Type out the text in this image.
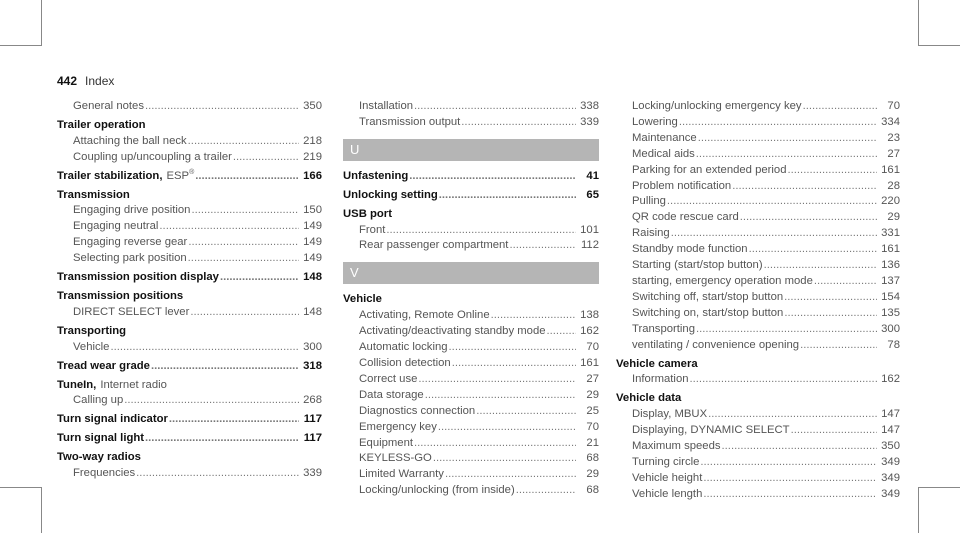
442 Index
General notes .....	350
Trailer operation
Attaching the ball neck .....	218
Coupling up/uncoupling a trailer .....	219
Trailer stabilization, ESP® .....	166
Transmission
Engaging drive position .....	150
Engaging neutral .....	149
Engaging reverse gear .....	149
Selecting park position .....	149
Transmission position display .....	148
Transmission positions
DIRECT SELECT lever .....	148
Transporting
Vehicle .....	300
Tread wear grade .....	318
TuneIn, Internet radio
Calling up .....	268
Turn signal indicator .....	117
Turn signal light .....	117
Two-way radios
Frequencies .....	339
Installation .....	338
Transmission output .....	339
U
Unfastening .....	41
Unlocking setting .....	65
USB port
Front .....	101
Rear passenger compartment .....	112
V
Vehicle
Activating, Remote Online .....	138
Activating/deactivating standby mode .....	162
Automatic locking .....	70
Collision detection .....	161
Correct use .....	27
Data storage .....	29
Diagnostics connection .....	25
Emergency key .....	70
Equipment .....	21
KEYLESS-GO .....	68
Limited Warranty .....	29
Locking/unlocking (from inside) .....	68
Locking/unlocking emergency key .....	70
Lowering .....	334
Maintenance .....	23
Medical aids .....	27
Parking for an extended period .....	161
Problem notification .....	28
Pulling .....	220
QR code rescue card .....	29
Raising .....	331
Standby mode function .....	161
Starting (start/stop button) .....	136
starting, emergency operation mode .....	137
Switching off, start/stop button .....	154
Switching on, start/stop button .....	135
Transporting .....	300
ventilating / convenience opening .....	78
Vehicle camera
Information .....	162
Vehicle data
Display, MBUX .....	147
Displaying, DYNAMIC SELECT .....	147
Maximum speeds .....	350
Turning circle .....	349
Vehicle height .....	349
Vehicle length .....	349
